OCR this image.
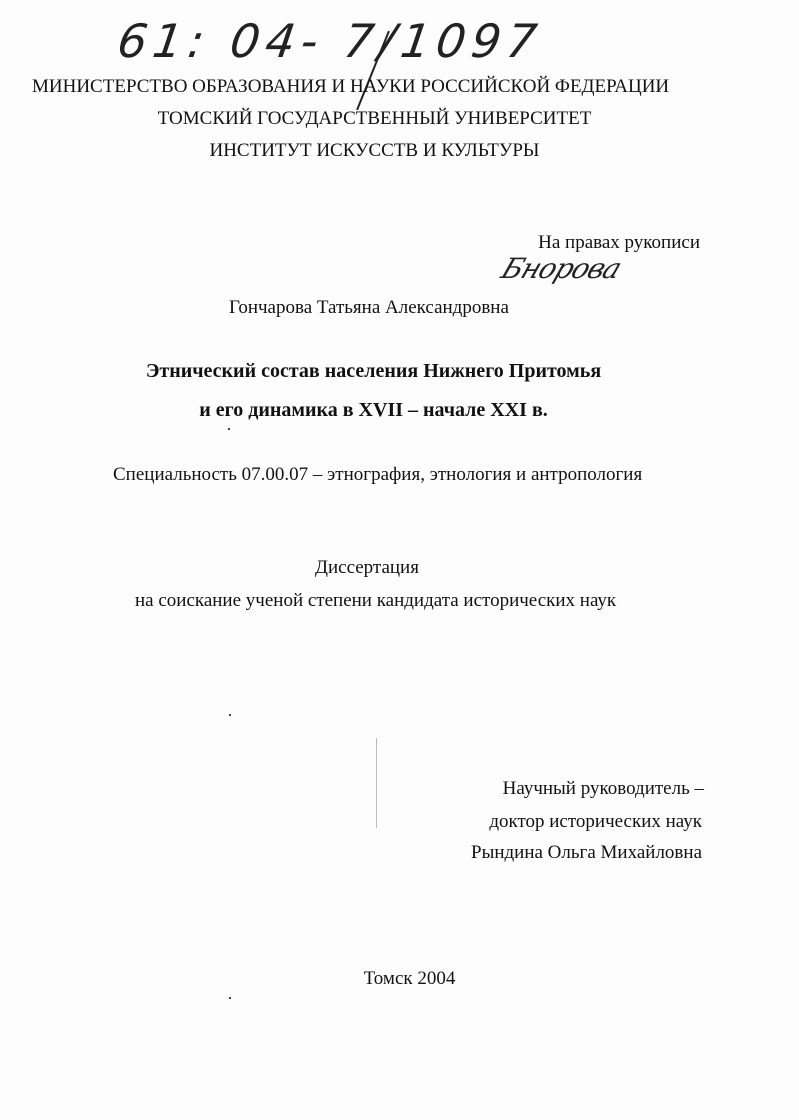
61: 04- 7/1097
МИНИСТЕРСТВО ОБРАЗОВАНИЯ И НАУКИ РОССИЙСКОЙ ФЕДЕРАЦИИ
ТОМСКИЙ ГОСУДАРСТВЕННЫЙ УНИВЕРСИТЕТ
ИНСТИТУТ ИСКУССТВ И КУЛЬТУРЫ
На правах рукописи
Бнорова
Гончарова Татьяна Александровна
Этнический состав населения Нижнего Притомья
и его динамика в XVII – начале XXI в.
Специальность 07.00.07 – этнография, этнология и антропология
Диссертация
на соискание ученой степени кандидата исторических наук
Научный руководитель –
доктор исторических наук
Рындина Ольга Михайловна
Томск 2004
